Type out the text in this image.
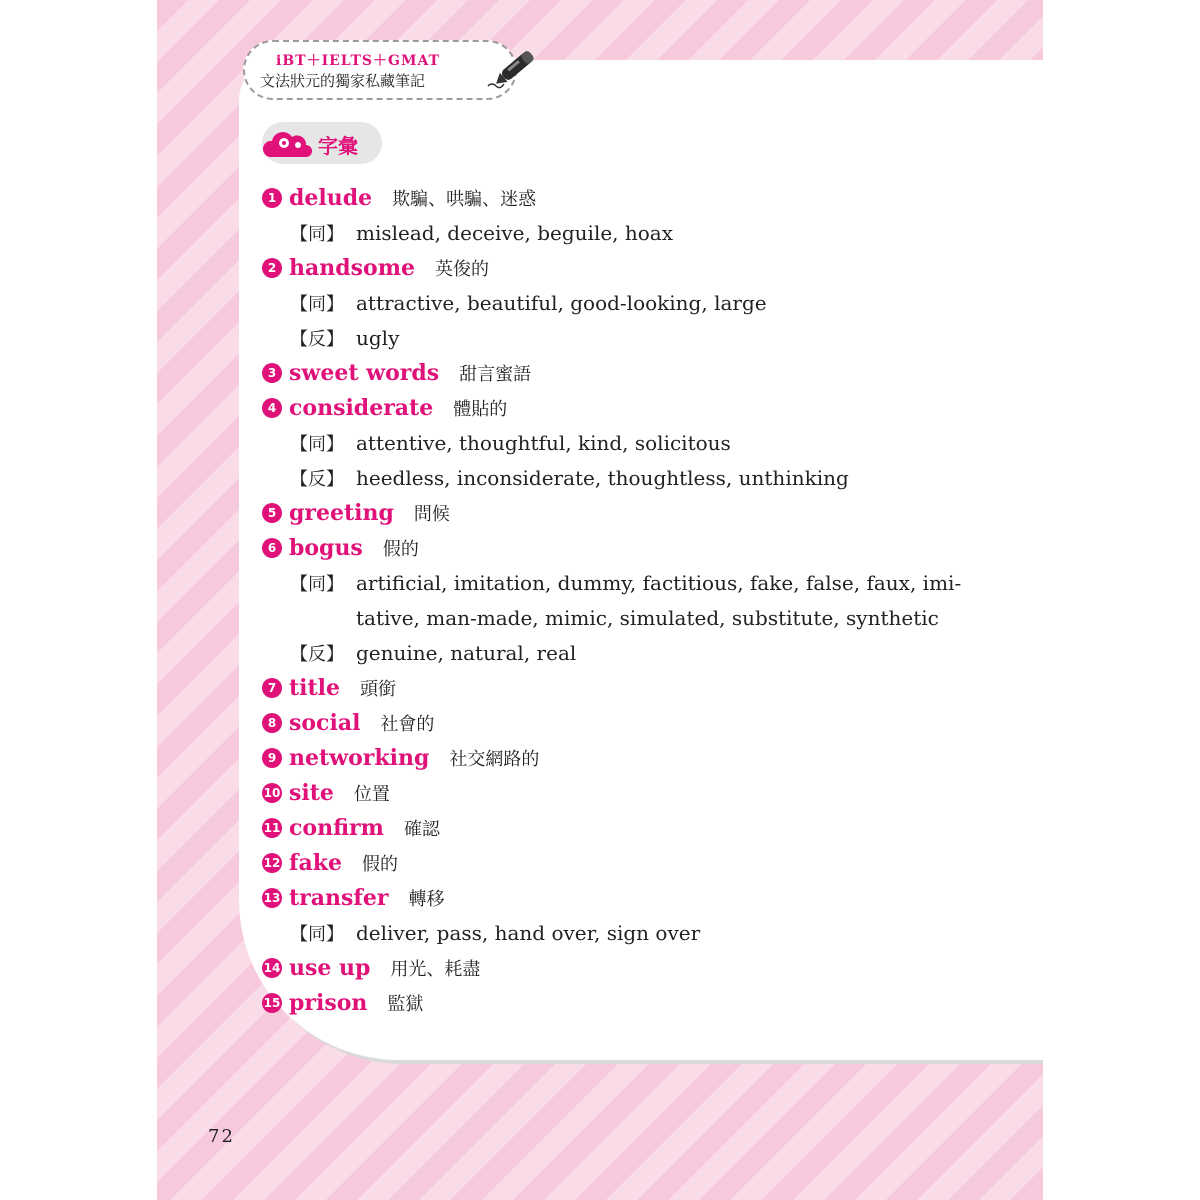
iBT＋IELTS＋GMAT
文法狀元的獨家私藏筆記
字彙
1 delude 欺騙、哄騙、迷惑
【同】 mislead, deceive, beguile, hoax
2 handsome 英俊的
【同】 attractive, beautiful, good-looking, large
【反】 ugly
3 sweet words 甜言蜜語
4 considerate 體貼的
【同】 attentive, thoughtful, kind, solicitous
【反】 heedless, inconsiderate, thoughtless, unthinking
5 greeting 問候
6 bogus 假的
【同】 artificial, imitation, dummy, factitious, fake, false, faux, imi-
tative, man-made, mimic, simulated, substitute, synthetic
【反】 genuine, natural, real
7 title 頭銜
8 social 社會的
9 networking 社交網路的
10 site 位置
11 confirm 確認
12 fake 假的
13 transfer 轉移
【同】 deliver, pass, hand over, sign over
14 use up 用光、耗盡
15 prison 監獄
72
